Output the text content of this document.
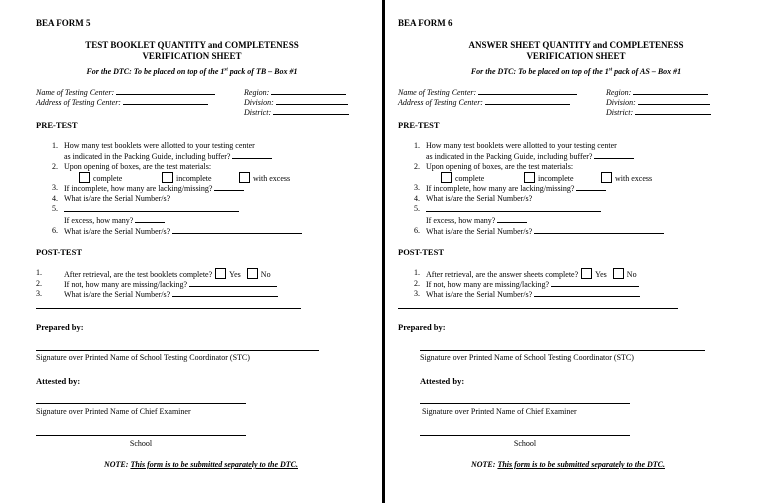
BEA FORM 5
TEST BOOKLET QUANTITY and COMPLETENESS
VERIFICATION SHEET
For the DTC: To be placed on top of the 1st pack of TB – Box #1
Name of Testing Center:
Address of Testing Center:
Region:
Division:
District:
PRE-TEST
1. How many test booklets were allotted to your testing center
as indicated in the Packing Guide, including buffer?
2. Upon opening of boxes, are the test materials:
complete	incomplete	with excess
3. If incomplete, how many are lacking/missing?
4. What is/are the Serial Number/s?
5.
If excess, how many?
6. What is/are the Serial Number/s?
POST-TEST
1.	After retrieval, are the test booklets complete? Yes	No
2.	If not, how many are missing/lacking?
3.	What is/are the Serial Number/s?
Prepared by:
Signature over Printed Name of School Testing Coordinator (STC)
Attested by:
Signature over Printed Name of Chief Examiner
School
NOTE: This form is to be submitted separately to the DTC.
BEA FORM 6
ANSWER SHEET QUANTITY and COMPLETENESS
VERIFICATION SHEET
For the DTC: To be placed on top of the 1st pack of AS – Box #1
Name of Testing Center:
Address of Testing Center:
Region:
Division:
District:
PRE-TEST
1. How many test booklets were allotted to your testing center
as indicated in the Packing Guide, including buffer?
2. Upon opening of boxes, are the test materials:
complete	incomplete	with excess
3. If incomplete, how many are lacking/missing?
4. What is/are the Serial Number/s?
5.
If excess, how many?
6. What is/are the Serial Number/s?
POST-TEST
1. After retrieval, are the answer sheets complete? Yes	No
2. If not, how many are missing/lacking?
3. What is/are the Serial Number/s?
Prepared by:
Signature over Printed Name of School Testing Coordinator (STC)
Attested by:
Signature over Printed Name of Chief Examiner
School
NOTE: This form is to be submitted separately to the DTC.
